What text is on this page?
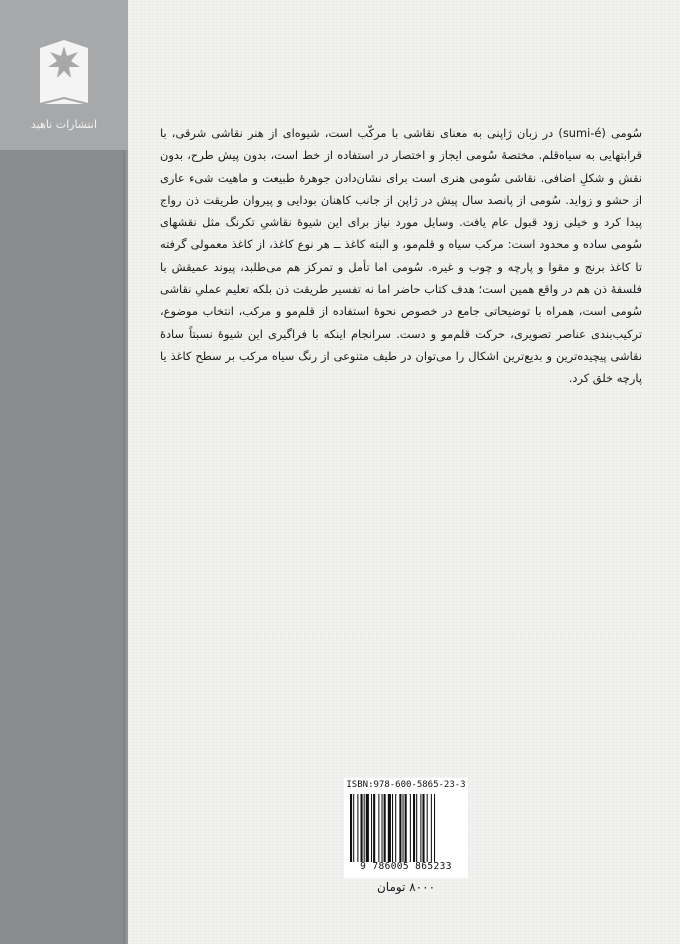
انتشارات ناهید

سُومی (sumi-é) در زبان ژاپنی به معنای نقاشی با مرکّب است، شیوه‌ای از هنر نقاشی شرقی، با قرابتهایی به سیاه‌قلم. مختصهٔ سُومی ایجاز و اختصار در استفاده از خط است، بدون پیش طرح، بدون نقش و شکلِ اضافی. نقاشی سُومی هنری است برای نشان‌دادن جوهرهٔ طبیعت و ماهیت شیء عاری از حشو و زواید. سُومی از پانصد سال پیش در ژاپن از جانب کاهنان بودایی و پیروان طریقت ذن رواج پیدا کرد و خیلی زود قبول عام یافت. وسایل مورد نیاز برای این شیوهٔ نقاشیِ تکرنگ مثل نقشهای سُومی ساده و محدود است: مرکب سیاه و قلم‌مو، و البته کاغذ ــ هر نوع کاغذ، از کاغذ معمولی گرفته تا کاغذ برنج و مقوا و پارچه و چوب و غیره. سُومی اما تأمل و تمرکز هم می‌طلبد، پیوند عمیقش با فلسفهٔ ذن هم در واقع همین است؛ هدف کتاب حاضر اما نه تفسیر طریقت ذن بلکه تعلیم عملیِ نقاشی سُومی است، همراه با توضیحاتی جامع در خصوص نحوهٔ استفاده از قلم‌مو و مرکب، انتخاب موضوع، ترکیب‌بندی عناصر تصویری، حرکت قلم‌مو و دست. سرانجام اینکه با فراگیری این شیوهٔ نسبتاً سادهٔ نقاشی پیچیده‌ترین و بدیع‌ترین اشکال را می‌توان در طیف متنوعی از رنگ سیاه مرکب بر سطح کاغذ یا پارچه خلق کرد.

ISBN:978-600-5865-23-3
9 786005 865233
۸۰۰۰ تومان
